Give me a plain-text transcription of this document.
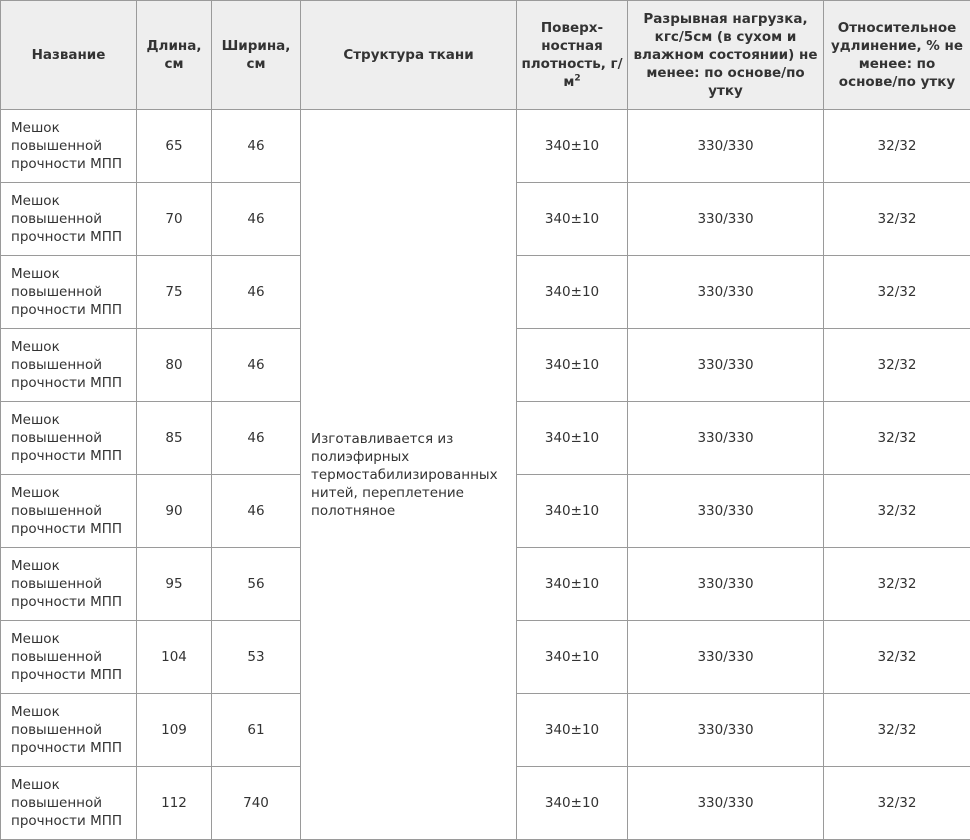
Название	Длина, см	Ширина, см	Структура ткани	Поверх-ностная плотность, $г/м^2$	Разрывная нагрузка, кгс/5см (в сухом и влажном состоянии) не менее: по основе/по утку	Относительное удлинение, % не менее: по основе/по утку
Мешок повышенной прочности МПП	65	46	Изготавливается из полиэфирных термостабилизированных нитей, переплетение полотняное	340±10	330/330	32/32
Мешок повышенной прочности МПП	70	46		340±10	330/330	32/32
Мешок повышенной прочности МПП	75	46		340±10	330/330	32/32
Мешок повышенной прочности МПП	80	46		340±10	330/330	32/32
Мешок повышенной прочности МПП	85	46		340±10	330/330	32/32
Мешок повышенной прочности МПП	90	46		340±10	330/330	32/32
Мешок повышенной прочности МПП	95	56		340±10	330/330	32/32
Мешок повышенной прочности МПП	104	53		340±10	330/330	32/32
Мешок повышенной прочности МПП	109	61		340±10	330/330	32/32
Мешок повышенной прочности МПП	112	740		340±10	330/330	32/32
